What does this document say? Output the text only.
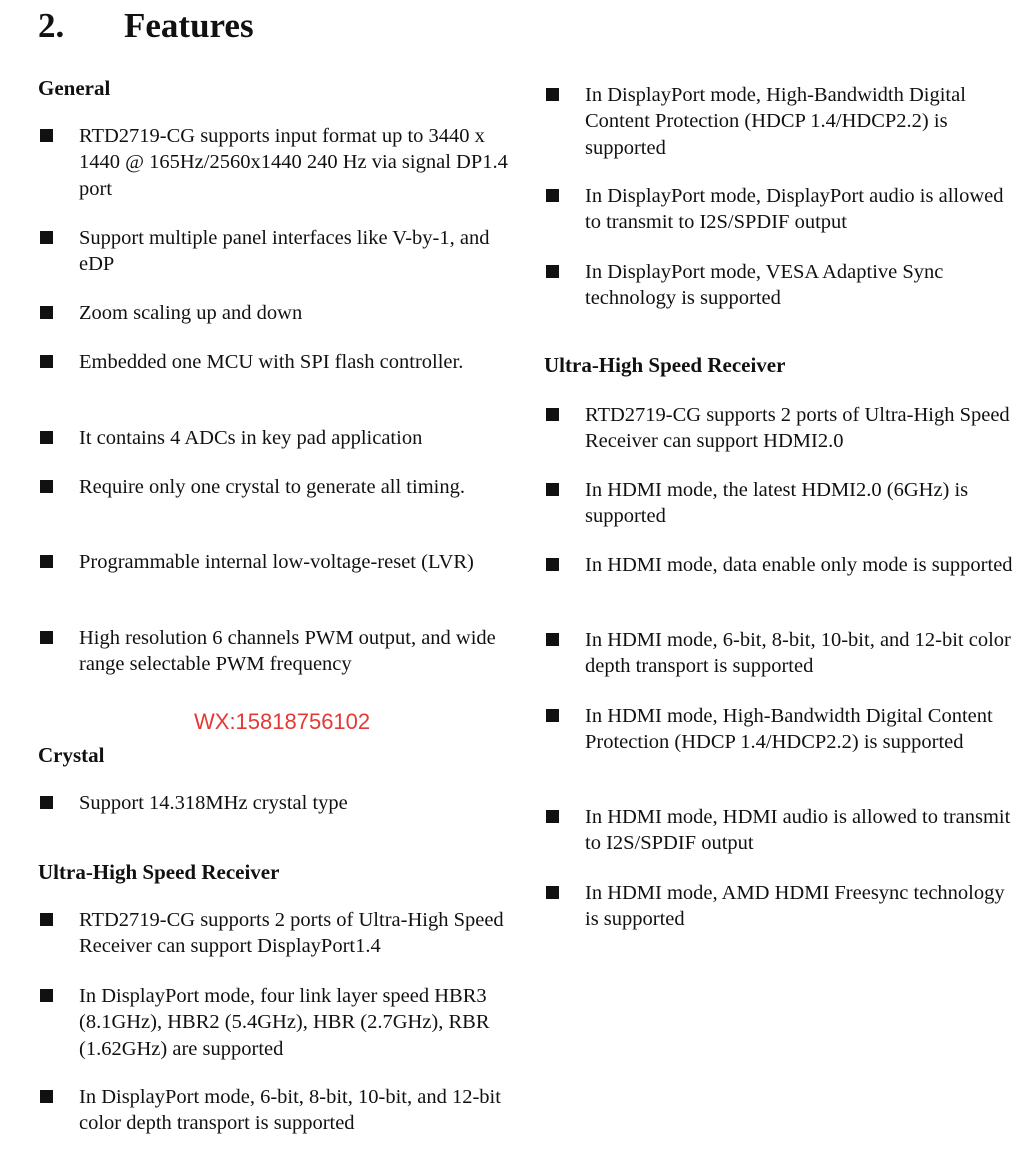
2. Features
General
RTD2719-CG supports input format up to 3440 x 1440 @ 165Hz/2560x1440 240 Hz via signal DP1.4 port
Support multiple panel interfaces like V-by-1, and eDP
Zoom scaling up and down
Embedded one MCU with SPI flash controller.
It contains 4 ADCs in key pad application
Require only one crystal to generate all timing.
Programmable internal low-voltage-reset (LVR)
High resolution 6 channels PWM output, and wide range selectable PWM frequency
Crystal
Support 14.318MHz crystal type
Ultra-High Speed Receiver
RTD2719-CG supports 2 ports of Ultra-High Speed Receiver can support DisplayPort1.4
In DisplayPort mode, four link layer speed HBR3 (8.1GHz), HBR2 (5.4GHz), HBR (2.7GHz), RBR (1.62GHz) are supported
In DisplayPort mode, 6-bit, 8-bit, 10-bit, and 12-bit color depth transport is supported
WX:15818756102
In DisplayPort mode, High-Bandwidth Digital Content Protection (HDCP 1.4/HDCP2.2) is supported
In DisplayPort mode, DisplayPort audio is allowed to transmit to I2S/SPDIF output
In DisplayPort mode, VESA Adaptive Sync technology is supported
Ultra-High Speed Receiver
RTD2719-CG supports 2 ports of Ultra-High Speed Receiver can support HDMI2.0
In HDMI mode, the latest HDMI2.0 (6GHz) is supported
In HDMI mode, data enable only mode is supported
In HDMI mode, 6-bit, 8-bit, 10-bit, and 12-bit color depth transport is supported
In HDMI mode, High-Bandwidth Digital Content Protection (HDCP 1.4/HDCP2.2) is supported
In HDMI mode, HDMI audio is allowed to transmit to I2S/SPDIF output
In HDMI mode, AMD HDMI Freesync technology is supported
